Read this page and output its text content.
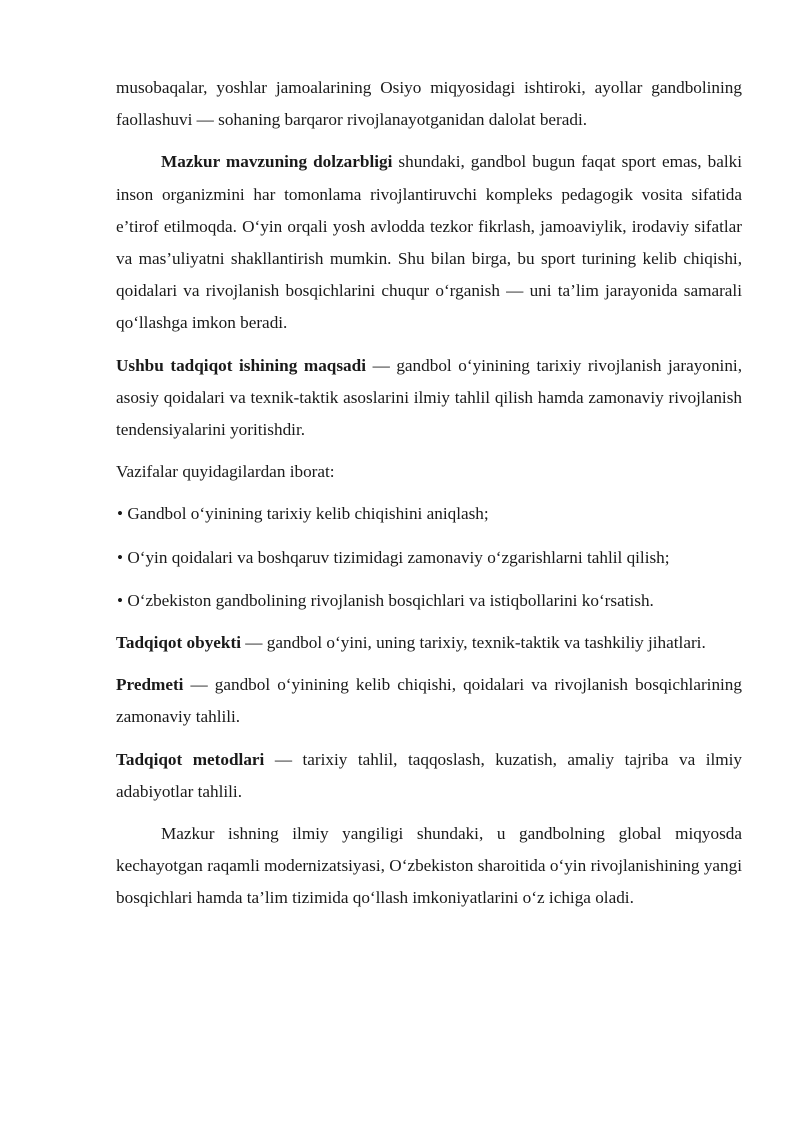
musobaqalar, yoshlar jamoalarining Osiyo miqyosidagi ishtiroki, ayollar gandbolining faollashuvi — sohaning barqaror rivojlanayotganidan dalolat beradi.

Mazkur mavzuning dolzarbligi shundaki, gandbol bugun faqat sport emas, balki inson organizmini har tomonlama rivojlantiruvchi kompleks pedagogik vosita sifatida e’tirof etilmoqda. O‘yin orqali yosh avlodda tezkor fikrlash, jamoaviylik, irodaviy sifatlar va mas’uliyatni shakllantirish mumkin. Shu bilan birga, bu sport turining kelib chiqishi, qoidalari va rivojlanish bosqichlarini chuqur o‘rganish — uni ta’lim jarayonida samarali qo‘llashga imkon beradi.

Ushbu tadqiqot ishining maqsadi — gandbol o‘yinining tarixiy rivojlanish jarayonini, asosiy qoidalari va texnik-taktik asoslarini ilmiy tahlil qilish hamda zamonaviy rivojlanish tendensiyalarini yoritishdir.

Vazifalar quyidagilardan iborat:

• Gandbol o‘yinining tarixiy kelib chiqishini aniqlash;

• O‘yin qoidalari va boshqaruv tizimidagi zamonaviy o‘zgarishlarni tahlil qilish;

• O‘zbekiston gandbolining rivojlanish bosqichlari va istiqbollarini ko‘rsatish.

Tadqiqot obyekti — gandbol o‘yini, uning tarixiy, texnik-taktik va tashkiliy jihatlari.

Predmeti — gandbol o‘yinining kelib chiqishi, qoidalari va rivojlanish bosqichlarining zamonaviy tahlili.

Tadqiqot metodlari — tarixiy tahlil, taqqoslash, kuzatish, amaliy tajriba va ilmiy adabiyotlar tahlili.

Mazkur ishning ilmiy yangiligi shundaki, u gandbolning global miqyosda kechayotgan raqamli modernizatsiyasi, O‘zbekiston sharoitida o‘yin rivojlanishining yangi bosqichlari hamda ta’lim tizimida qo‘llash imkoniyatlarini o‘z ichiga oladi.
